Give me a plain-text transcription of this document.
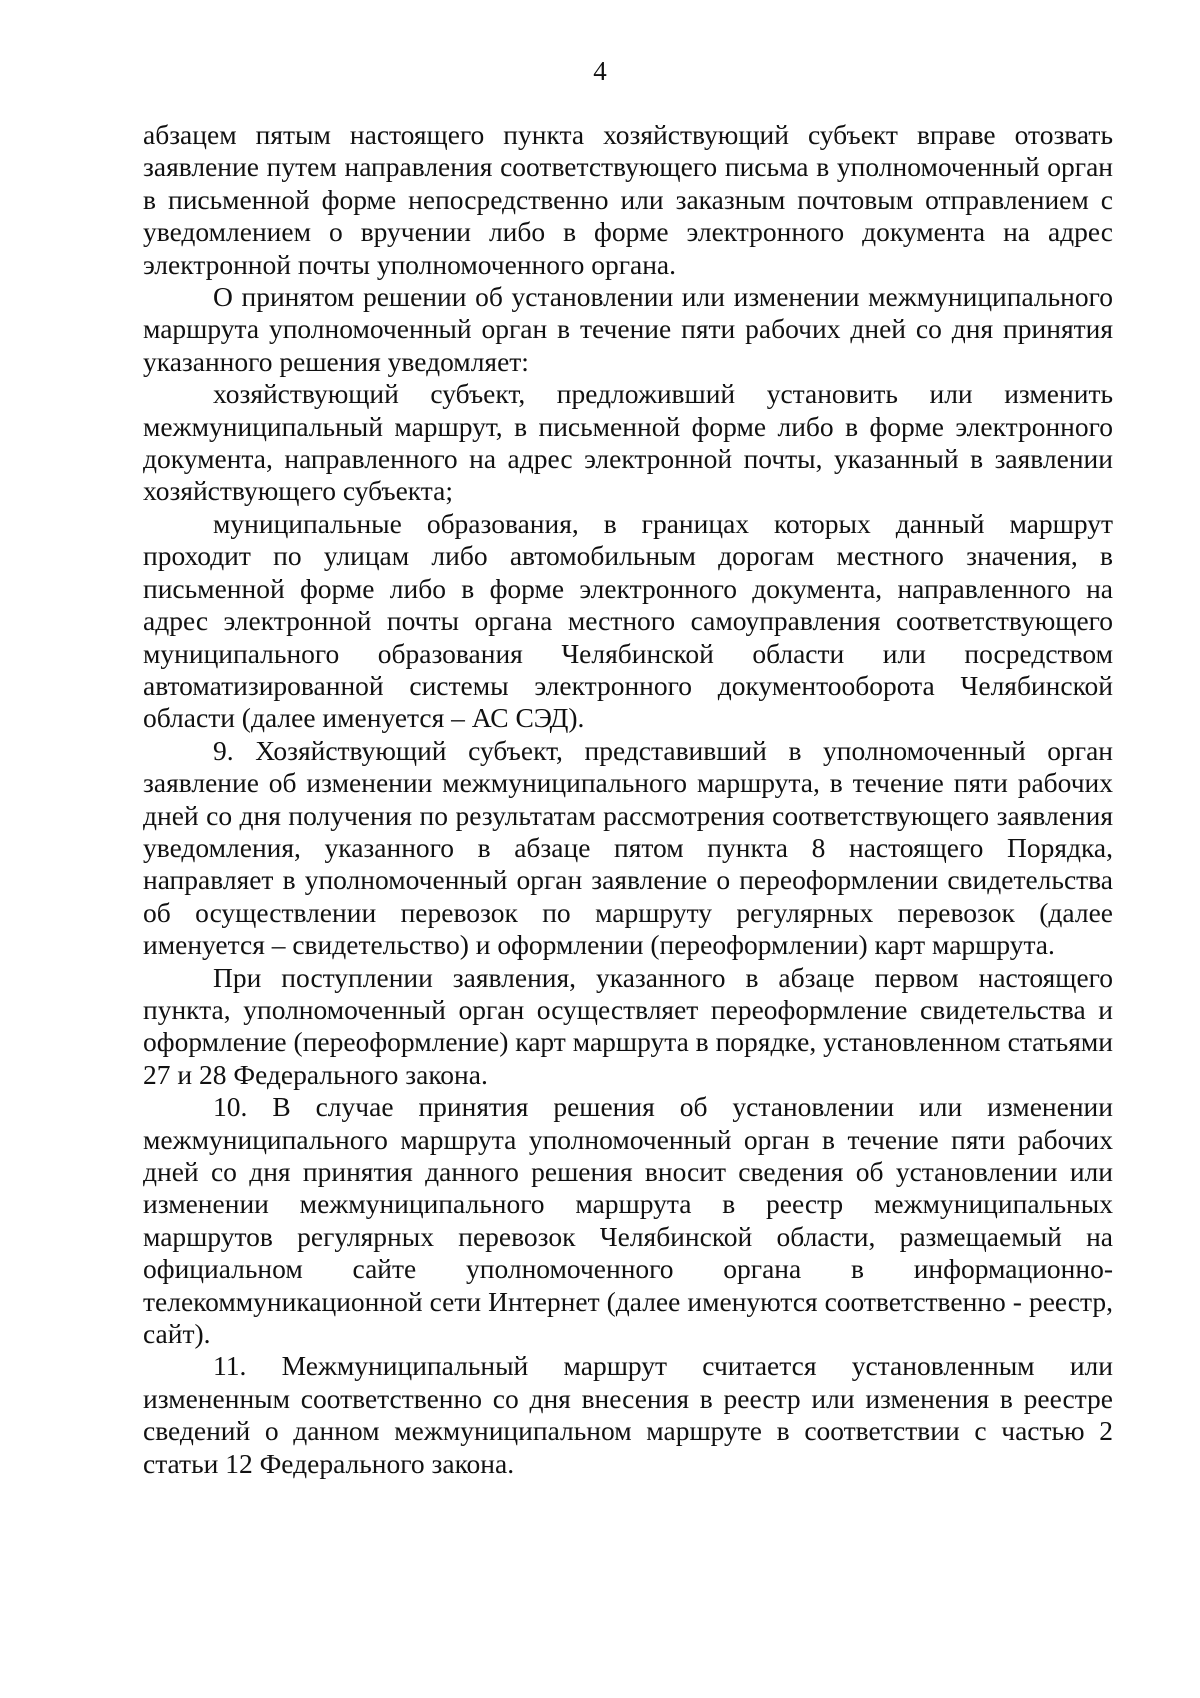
4

абзацем пятым настоящего пункта хозяйствующий субъект вправе отозвать заявление путем направления соответствующего письма в уполномоченный орган в письменной форме непосредственно или заказным почтовым отправлением с уведомлением о вручении либо в форме электронного документа на адрес электронной почты уполномоченного органа.

О принятом решении об установлении или изменении межмуниципального маршрута уполномоченный орган в течение пяти рабочих дней со дня принятия указанного решения уведомляет:

хозяйствующий субъект, предложивший установить или изменить межмуниципальный маршрут, в письменной форме либо в форме электронного документа, направленного на адрес электронной почты, указанный в заявлении хозяйствующего субъекта;

муниципальные образования, в границах которых данный маршрут проходит по улицам либо автомобильным дорогам местного значения, в письменной форме либо в форме электронного документа, направленного на адрес электронной почты органа местного самоуправления соответствующего муниципального образования Челябинской области или посредством автоматизированной системы электронного документооборота Челябинской области (далее именуется – АС СЭД).

9. Хозяйствующий субъект, представивший в уполномоченный орган заявление об изменении межмуниципального маршрута, в течение пяти рабочих дней со дня получения по результатам рассмотрения соответствующего заявления уведомления, указанного в абзаце пятом пункта 8 настоящего Порядка, направляет в уполномоченный орган заявление о переоформлении свидетельства об осуществлении перевозок по маршруту регулярных перевозок (далее именуется – свидетельство) и оформлении (переоформлении) карт маршрута.

При поступлении заявления, указанного в абзаце первом настоящего пункта, уполномоченный орган осуществляет переоформление свидетельства и оформление (переоформление) карт маршрута в порядке, установленном статьями 27 и 28 Федерального закона.

10. В случае принятия решения об установлении или изменении межмуниципального маршрута уполномоченный орган в течение пяти рабочих дней со дня принятия данного решения вносит сведения об установлении или изменении межмуниципального маршрута в реестр межмуниципальных маршрутов регулярных перевозок Челябинской области, размещаемый на официальном сайте уполномоченного органа в информационно-телекоммуникационной сети Интернет (далее именуются соответственно - реестр, сайт).

11. Межмуниципальный маршрут считается установленным или измененным соответственно со дня внесения в реестр или изменения в реестре сведений о данном межмуниципальном маршруте в соответствии с частью 2 статьи 12 Федерального закона.
